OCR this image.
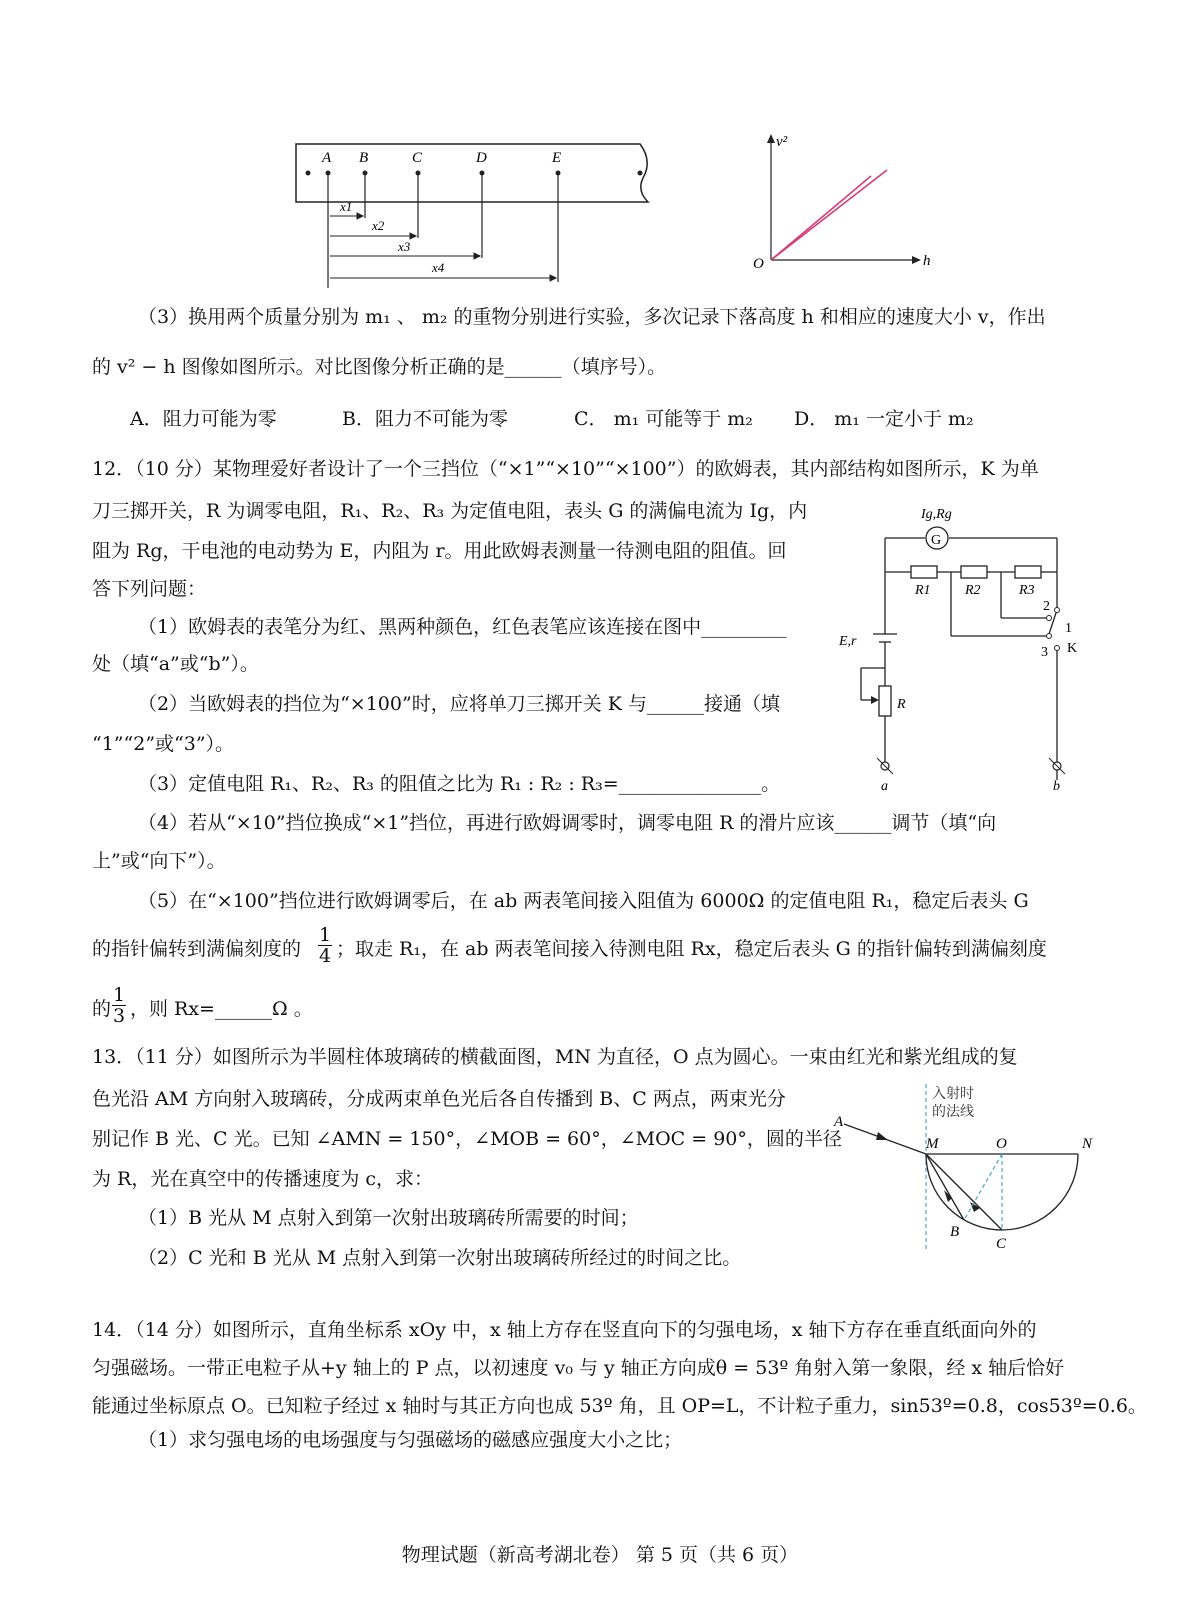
A B	C	D	E
x1
x2
x3
x4
v²
h
O
（3）换用两个质量分别为 m₁ 、 m₂ 的重物分别进行实验，多次记录下落高度 h 和相应的速度大小 v，作出
的 v² − h 图像如图所示。对比图像分析正确的是______（填序号）。
A．阻力可能为零	B．阻力不可能为零	C． m₁ 可能等于 m₂ D． m₁ 一定小于 m₂
12．（10 分）某物理爱好者设计了一个三挡位（“×1”“×10”“×100”）的欧姆表，其内部结构如图所示，K 为单
刀三掷开关，R 为调零电阻，R₁、R₂、R₃ 为定值电阻，表头 G 的满偏电流为 Ig，内
阻为 Rg，干电池的电动势为 E，内阻为 r。用此欧姆表测量一待测电阻的阻值。回
答下列问题：
（1）欧姆表的表笔分为红、黑两种颜色，红色表笔应该连接在图中_________
处（填“a”或“b”）。
（2）当欧姆表的挡位为“×100”时，应将单刀三掷开关 K 与______接通（填
“1”“2”或“3”）。
（3）定值电阻 R₁、R₂、R₃ 的阻值之比为 R₁ : R₂ : R₃=_______________。
（4）若从“×10”挡位换成“×1”挡位，再进行欧姆调零时，调零电阻 R 的滑片应该______调节（填“向
上”或“向下”）。
（5）在“×100”挡位进行欧姆调零后，在 ab 两表笔间接入阻值为 6000Ω 的定值电阻 R₁，稳定后表头 G
的指针偏转到满偏刻度的 $\frac{1}{4}$ ；取走 R₁，在 ab 两表笔间接入待测电阻 Rx，稳定后表头 G 的指针偏转到满偏刻度
的 $\frac{1}{3}$ ，则 Rx=______Ω 。
G
Ig,Rg
2
1
3 K
R1 R2	R3
E,r
R
a	b
13．（11 分）如图所示为半圆柱体玻璃砖的横截面图，MN 为直径，O 点为圆心。一束由红光和紫光组成的复
色光沿 AM 方向射入玻璃砖，分成两束单色光后各自传播到 B、C 两点，两束光分
别记作 B 光、C 光。已知 ∠AMN = 150°，∠MOB = 60°，∠MOC = 90°，圆的半径
为 R，光在真空中的传播速度为 c，求：
（1）B 光从 M 点射入到第一次射出玻璃砖所需要的时间；
（2）C 光和 B 光从 M 点射入到第一次射出玻璃砖所经过的时间之比。
入射时
的法线
A
M	O	N
B
C
14．（14 分）如图所示，直角坐标系 xOy 中，x 轴上方存在竖直向下的匀强电场，x 轴下方存在垂直纸面向外的
匀强磁场。一带正电粒子从+y 轴上的 P 点，以初速度 v₀ 与 y 轴正方向成θ = 53º 角射入第一象限，经 x 轴后恰好
能通过坐标原点 O。已知粒子经过 x 轴时与其正方向也成 53º 角，且 OP=L，不计粒子重力，sin53º=0.8，cos53º=0.6。
（1）求匀强电场的电场强度与匀强磁场的磁感应强度大小之比；
物理试题（新高考湖北卷） 第 5 页（共 6 页）
